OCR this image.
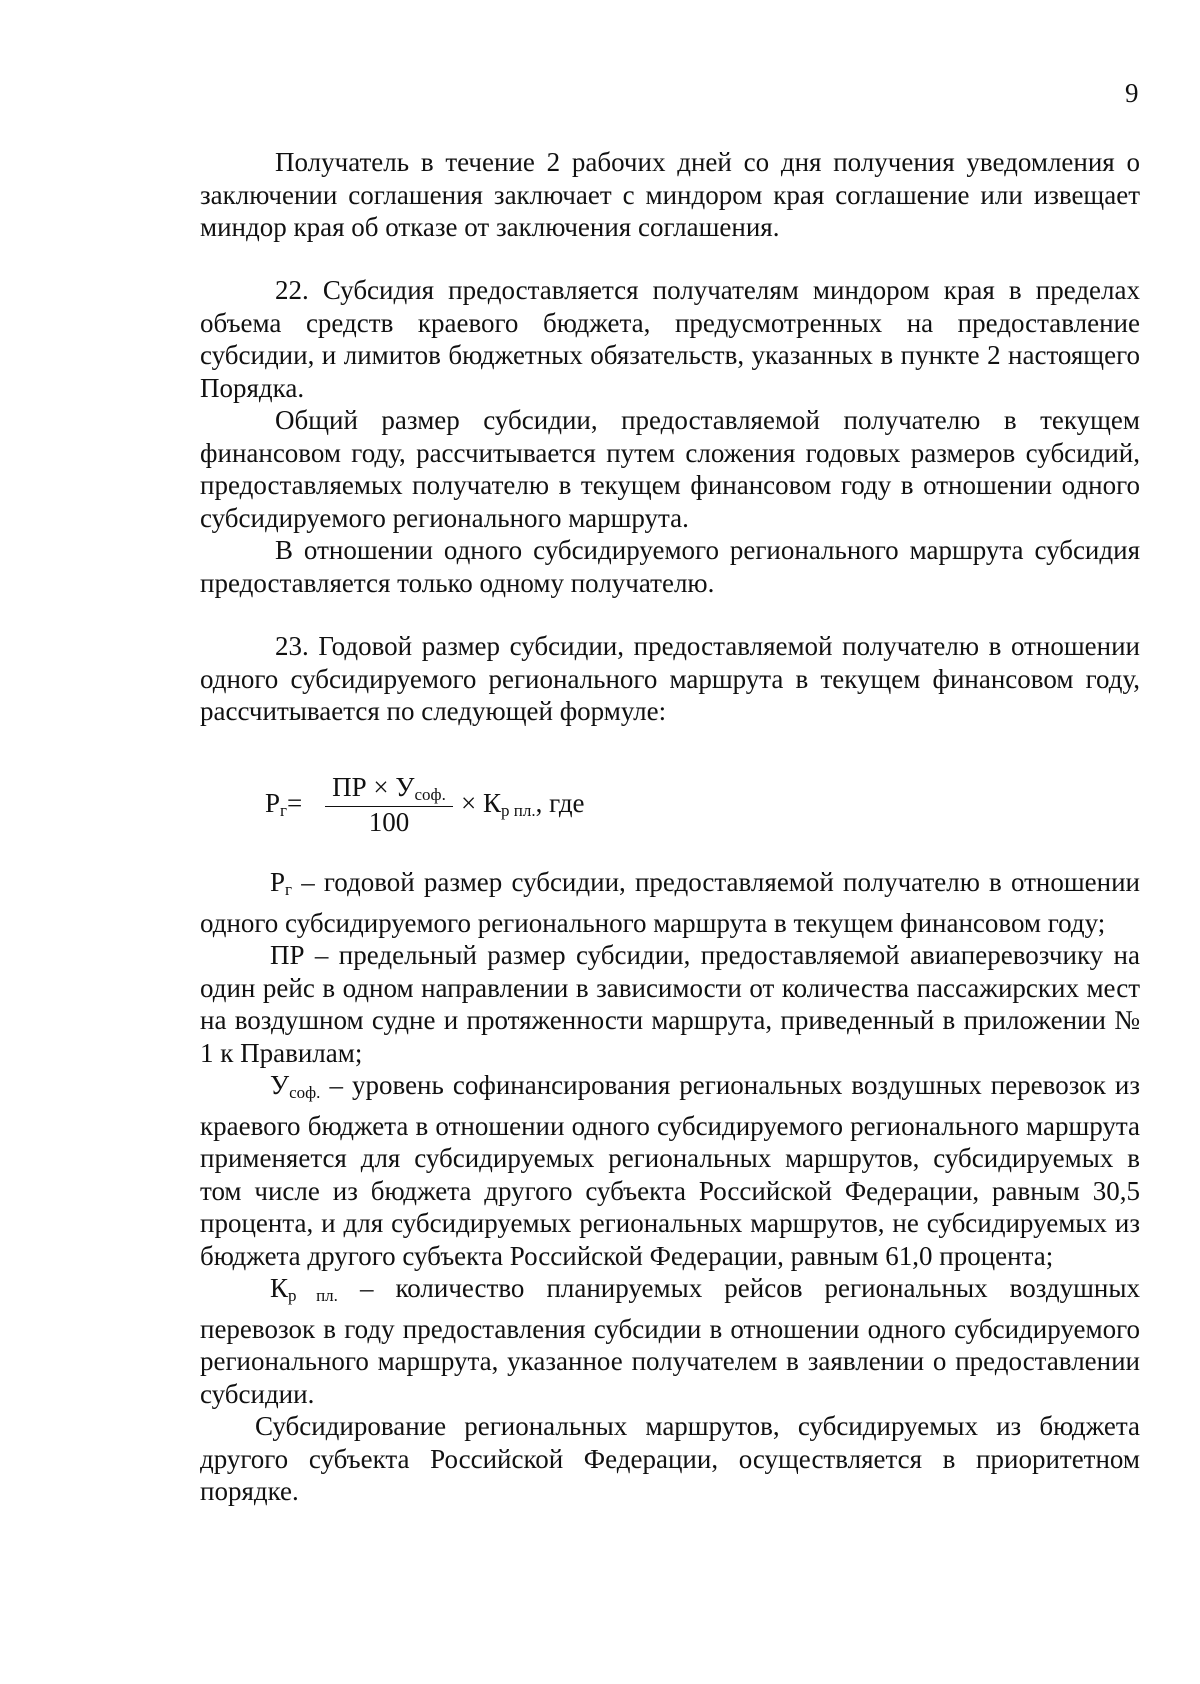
9

Получатель в течение 2 рабочих дней со дня получения уведомления о заключении соглашения заключает с миндором края соглашение или извещает миндор края об отказе от заключения соглашения.

22. Субсидия предоставляется получателям миндором края в пределах объема средств краевого бюджета, предусмотренных на предоставление субсидии, и лимитов бюджетных обязательств, указанных в пункте 2 настоящего Порядка.

Общий размер субсидии, предоставляемой получателю в текущем финансовом году, рассчитывается путем сложения годовых размеров субсидий, предоставляемых получателю в текущем финансовом году в отношении одного субсидируемого регионального маршрута.

В отношении одного субсидируемого регионального маршрута субсидия предоставляется только одному получателю.

23. Годовой размер субсидии, предоставляемой получателю в отношении одного субсидируемого регионального маршрута в текущем финансовом году, рассчитывается по следующей формуле:

$Р_г=$
ПР × $У_{соф.}$
100
× $К_{р пл.}$, где

$Р_г$ – годовой размер субсидии, предоставляемой получателю в отношении одного субсидируемого регионального маршрута в текущем финансовом году;

ПР – предельный размер субсидии, предоставляемой авиаперевозчику на один рейс в одном направлении в зависимости от количества пассажирских мест на воздушном судне и протяженности маршрута, приведенный в приложении № 1 к Правилам;

$У_{соф.}$ – уровень софинансирования региональных воздушных перевозок из краевого бюджета в отношении одного субсидируемого регионального маршрута применяется для субсидируемых региональных маршрутов, субсидируемых в том числе из бюджета другого субъекта Российской Федерации, равным 30,5 процента, и для субсидируемых региональных маршрутов, не субсидируемых из бюджета другого субъекта Российской Федерации, равным 61,0 процента;

$К_{р пл.}$ – количество планируемых рейсов региональных воздушных перевозок в году предоставления субсидии в отношении одного субсидируемого регионального маршрута, указанное получателем в заявлении о предоставлении субсидии.

Субсидирование региональных маршрутов, субсидируемых из бюджета другого субъекта Российской Федерации, осуществляется в приоритетном порядке.
